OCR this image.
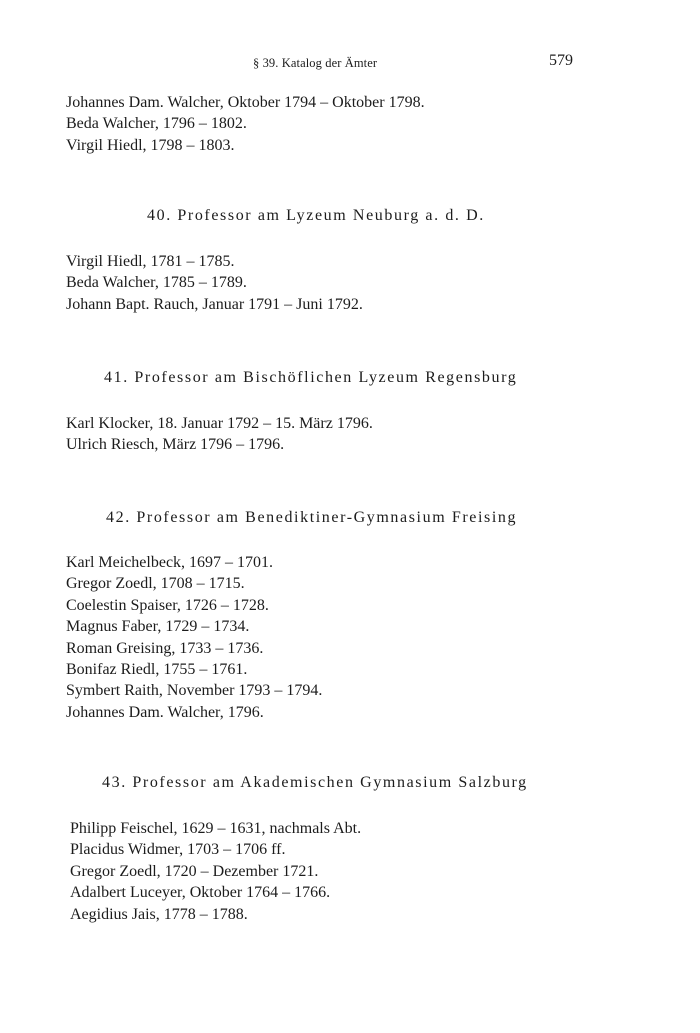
§ 39. Katalog der Ämter	579
Johannes Dam. Walcher, Oktober 1794 – Oktober 1798.
Beda Walcher, 1796 – 1802.
Virgil Hiedl, 1798 – 1803.
40. Professor am Lyzeum Neuburg a. d. D.
Virgil Hiedl, 1781 – 1785.
Beda Walcher, 1785 – 1789.
Johann Bapt. Rauch, Januar 1791 – Juni 1792.
41. Professor am Bischöflichen Lyzeum Regensburg
Karl Klocker, 18. Januar 1792 – 15. März 1796.
Ulrich Riesch, März 1796 – 1796.
42. Professor am Benediktiner-Gymnasium Freising
Karl Meichelbeck, 1697 – 1701.
Gregor Zoedl, 1708 – 1715.
Coelestin Spaiser, 1726 – 1728.
Magnus Faber, 1729 – 1734.
Roman Greising, 1733 – 1736.
Bonifaz Riedl, 1755 – 1761.
Symbert Raith, November 1793 – 1794.
Johannes Dam. Walcher, 1796.
43. Professor am Akademischen Gymnasium Salzburg
Philipp Feischel, 1629 – 1631, nachmals Abt.
Placidus Widmer, 1703 – 1706 ff.
Gregor Zoedl, 1720 – Dezember 1721.
Adalbert Luceyer, Oktober 1764 – 1766.
Aegidius Jais, 1778 – 1788.
